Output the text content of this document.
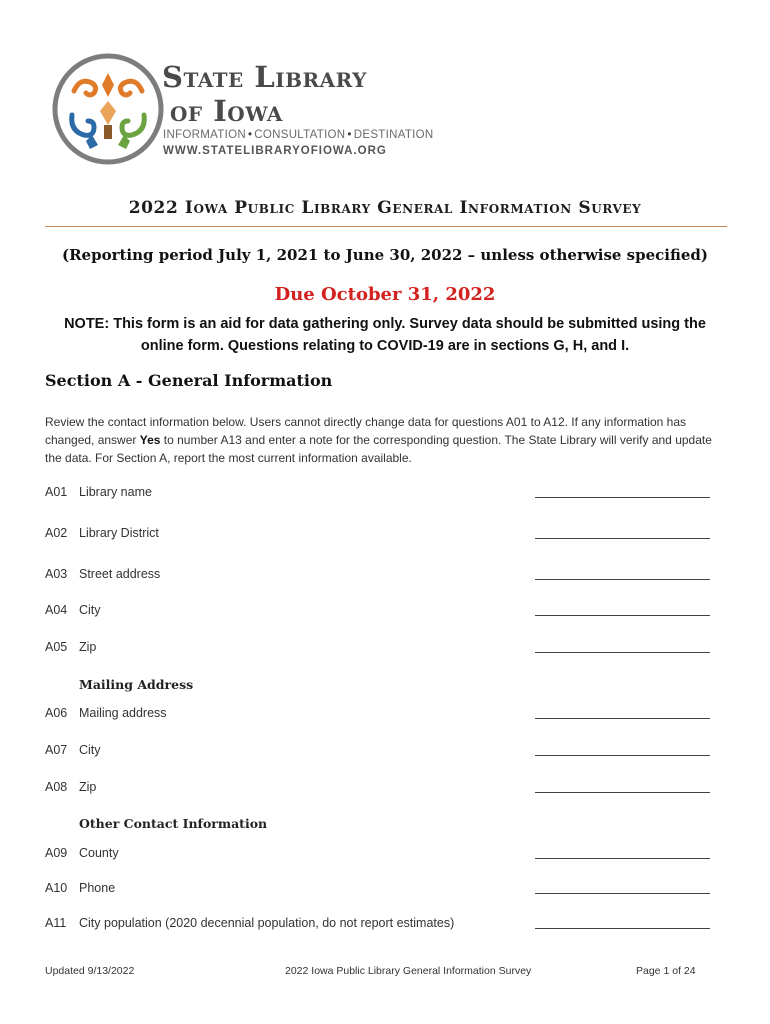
State Library
of Iowa
INFORMATION • CONSULTATION • DESTINATION
WWW.STATELIBRARYOFIOWA.ORG
2022 Iowa Public Library General Information Survey
(Reporting period July 1, 2021 to June 30, 2022 – unless otherwise specified)
Due October 31, 2022
NOTE: This form is an aid for data gathering only. Survey data should be submitted using the
online form. Questions relating to COVID-19 are in sections G, H, and I.
Section A - General Information
Review the contact information below. Users cannot directly change data for questions A01 to A12. If any information has changed, answer Yes to number A13 and enter a note for the corresponding question. The State Library will verify and update the data. For Section A, report the most current information available.
A01 Library name
A02 Library District
A03 Street address
A04 City
A05 Zip
Mailing Address
A06 Mailing address
A07 City
A08 Zip
Other Contact Information
A09 County
A10 Phone
A11 City population (2020 decennial population, do not report estimates)
Updated 9/13/2022	2022 Iowa Public Library General Information Survey	Page 1 of 24
